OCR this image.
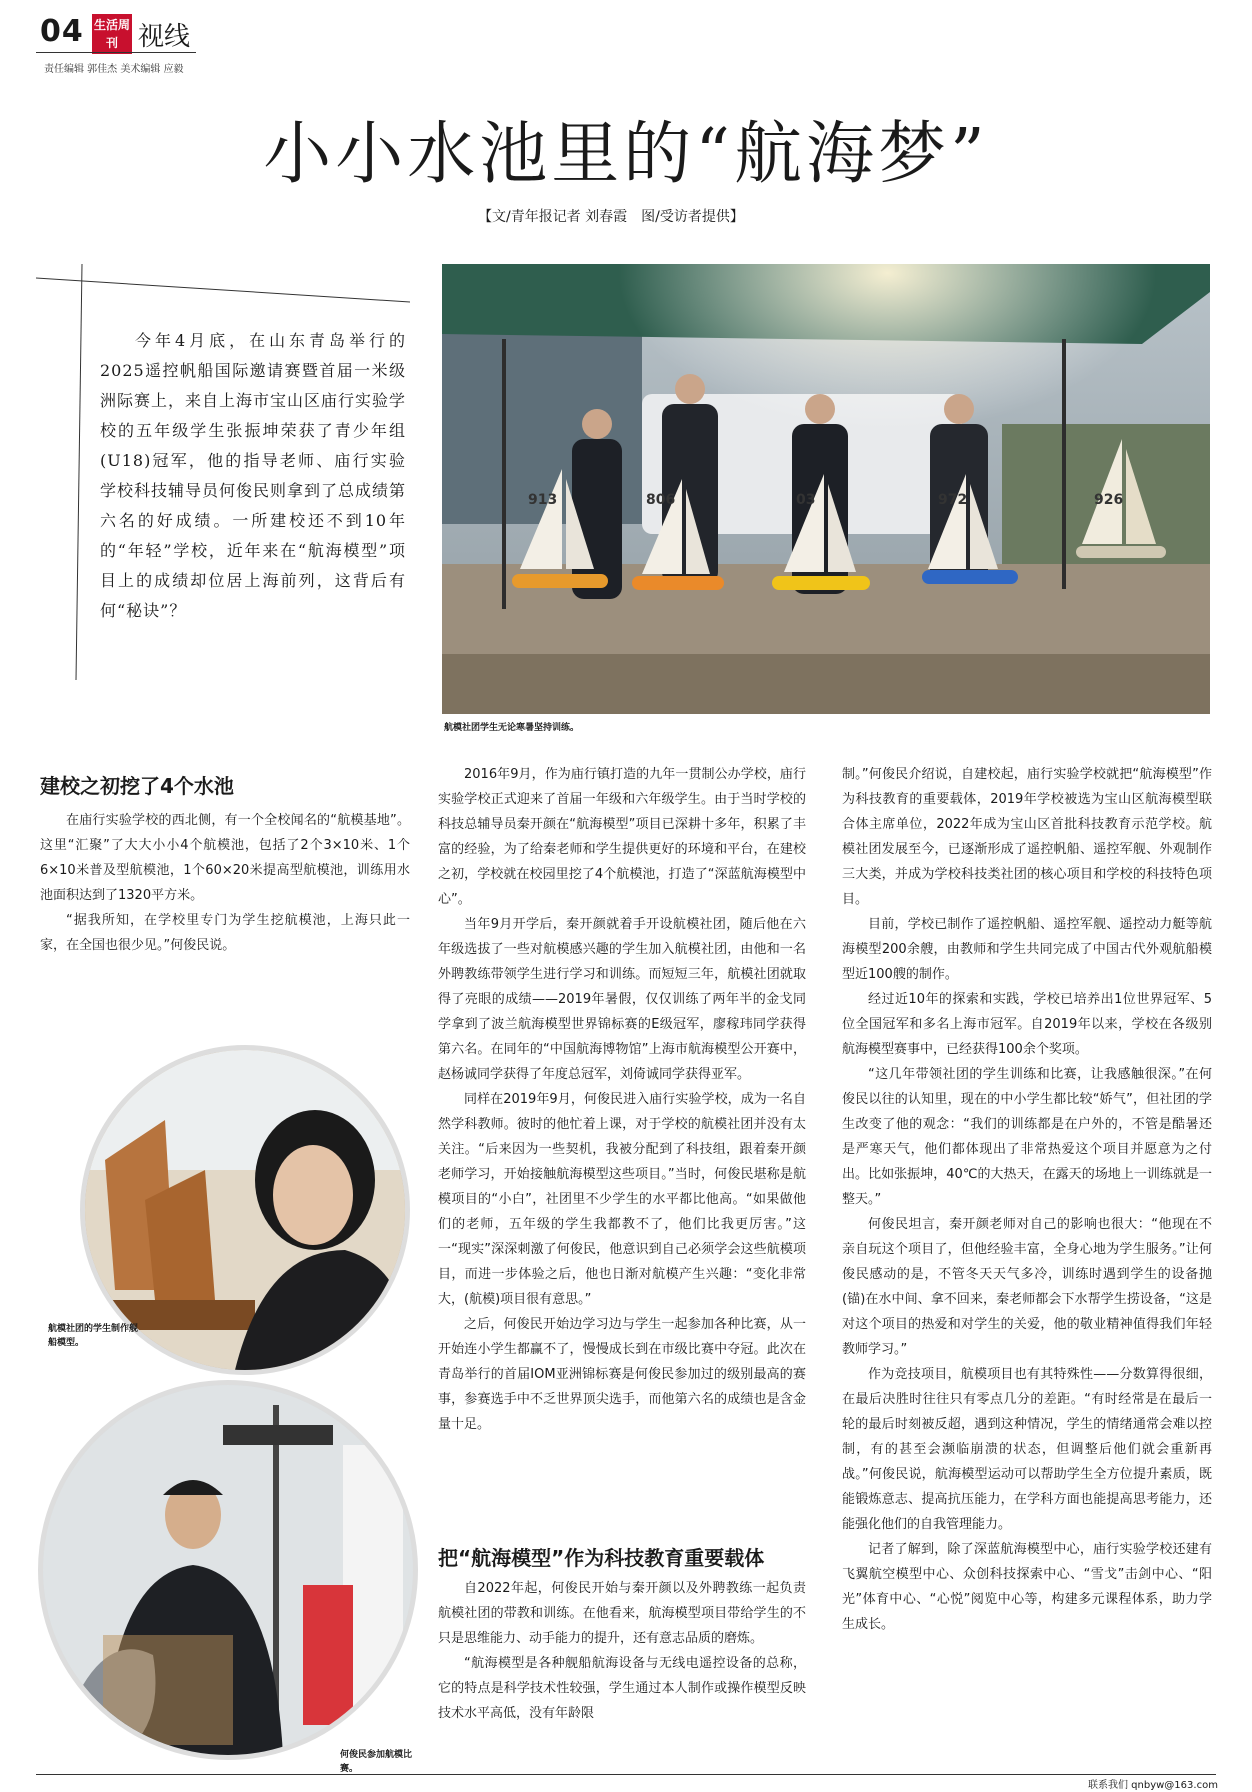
04 生活周刊 视线
责任编辑 郭佳杰 美术编辑 应毅
小小水池里的“航海梦”
【文/青年报记者 刘春霞　图/受访者提供】
今年4月底，在山东青岛举行的2025遥控帆船国际邀请赛暨首届一米级洲际赛上，来自上海市宝山区庙行实验学校的五年级学生张振坤荣获了青少年组(U18)冠军，他的指导老师、庙行实验学校科技辅导员何俊民则拿到了总成绩第六名的好成绩。一所建校还不到10年的“年轻”学校，近年来在“航海模型”项目上的成绩却位居上海前列，这背后有何“秘诀”？
913	806	03	972	926
航模社团学生无论寒暑坚持训练。
建校之初挖了4个水池

在庙行实验学校的西北侧，有一个全校闻名的“航模基地”。这里“汇聚”了大大小小4个航模池，包括了2个3×10米、1个6×10米普及型航模池，1个60×20米提高型航模池，训练用水池面积达到了1320平方米。

“据我所知，在学校里专门为学生挖航模池，上海只此一家，在全国也很少见。”何俊民说。

航模社团的学生制作舰船模型。
何俊民参加航模比赛。

2016年9月，作为庙行镇打造的九年一贯制公办学校，庙行实验学校正式迎来了首届一年级和六年级学生。由于当时学校的科技总辅导员秦开颜在“航海模型”项目已深耕十多年，积累了丰富的经验，为了给秦老师和学生提供更好的环境和平台，在建校之初，学校就在校园里挖了4个航模池，打造了“深蓝航海模型中心”。

当年9月开学后，秦开颜就着手开设航模社团，随后他在六年级选拔了一些对航模感兴趣的学生加入航模社团，由他和一名外聘教练带领学生进行学习和训练。而短短三年，航模社团就取得了亮眼的成绩——2019年暑假，仅仅训练了两年半的金戈同学拿到了波兰航海模型世界锦标赛的E级冠军，廖稼玮同学获得第六名。在同年的“中国航海博物馆”上海市航海模型公开赛中，赵杨诚同学获得了年度总冠军，刘倚诚同学获得亚军。

同样在2019年9月，何俊民进入庙行实验学校，成为一名自然学科教师。彼时的他忙着上课，对于学校的航模社团并没有太关注。“后来因为一些契机，我被分配到了科技组，跟着秦开颜老师学习，开始接触航海模型这些项目。”当时，何俊民堪称是航模项目的“小白”，社团里不少学生的水平都比他高。“如果做他们的老师，五年级的学生我都教不了，他们比我更厉害。”这一“现实”深深刺激了何俊民，他意识到自己必须学会这些航模项目，而进一步体验之后，他也日渐对航模产生兴趣：“变化非常大，(航模)项目很有意思。”

之后，何俊民开始边学习边与学生一起参加各种比赛，从一开始连小学生都赢不了，慢慢成长到在市级比赛中夺冠。此次在青岛举行的首届IOM亚洲锦标赛是何俊民参加过的级别最高的赛事，参赛选手中不乏世界顶尖选手，而他第六名的成绩也是含金量十足。

把“航海模型”作为科技教育重要载体

自2022年起，何俊民开始与秦开颜以及外聘教练一起负责航模社团的带教和训练。在他看来，航海模型项目带给学生的不只是思维能力、动手能力的提升，还有意志品质的磨炼。

“航海模型是各种舰船航海设备与无线电遥控设备的总称，它的特点是科学技术性较强，学生通过本人制作或操作模型反映技术水平高低，没有年龄限

制。”何俊民介绍说，自建校起，庙行实验学校就把“航海模型”作为科技教育的重要载体，2019年学校被选为宝山区航海模型联合体主席单位，2022年成为宝山区首批科技教育示范学校。航模社团发展至今，已逐渐形成了遥控帆船、遥控军舰、外观制作三大类，并成为学校科技类社团的核心项目和学校的科技特色项目。

目前，学校已制作了遥控帆船、遥控军舰、遥控动力艇等航海模型200余艘，由教师和学生共同完成了中国古代外观航船模型近100艘的制作。

经过近10年的探索和实践，学校已培养出1位世界冠军、5位全国冠军和多名上海市冠军。自2019年以来，学校在各级别航海模型赛事中，已经获得100余个奖项。

“这几年带领社团的学生训练和比赛，让我感触很深。”在何俊民以往的认知里，现在的中小学生都比较“娇气”，但社团的学生改变了他的观念：“我们的训练都是在户外的，不管是酷暑还是严寒天气，他们都体现出了非常热爱这个项目并愿意为之付出。比如张振坤，40℃的大热天，在露天的场地上一训练就是一整天。”

何俊民坦言，秦开颜老师对自己的影响也很大：“他现在不亲自玩这个项目了，但他经验丰富，全身心地为学生服务。”让何俊民感动的是，不管冬天天气多冷，训练时遇到学生的设备抛(锚)在水中间、拿不回来，秦老师都会下水帮学生捞设备，“这是对这个项目的热爱和对学生的关爱，他的敬业精神值得我们年轻教师学习。”

作为竞技项目，航模项目也有其特殊性——分数算得很细，在最后决胜时往往只有零点几分的差距。“有时经常是在最后一轮的最后时刻被反超，遇到这种情况，学生的情绪通常会难以控制，有的甚至会濒临崩溃的状态，但调整后他们就会重新再战。”何俊民说，航海模型运动可以帮助学生全方位提升素质，既能锻炼意志、提高抗压能力，在学科方面也能提高思考能力，还能强化他们的自我管理能力。

记者了解到，除了深蓝航海模型中心，庙行实验学校还建有飞翼航空模型中心、众创科技探索中心、“雪戈”击剑中心、“阳光”体育中心、“心悦”阅览中心等，构建多元课程体系，助力学生成长。

联系我们 qnbyw@163.com
